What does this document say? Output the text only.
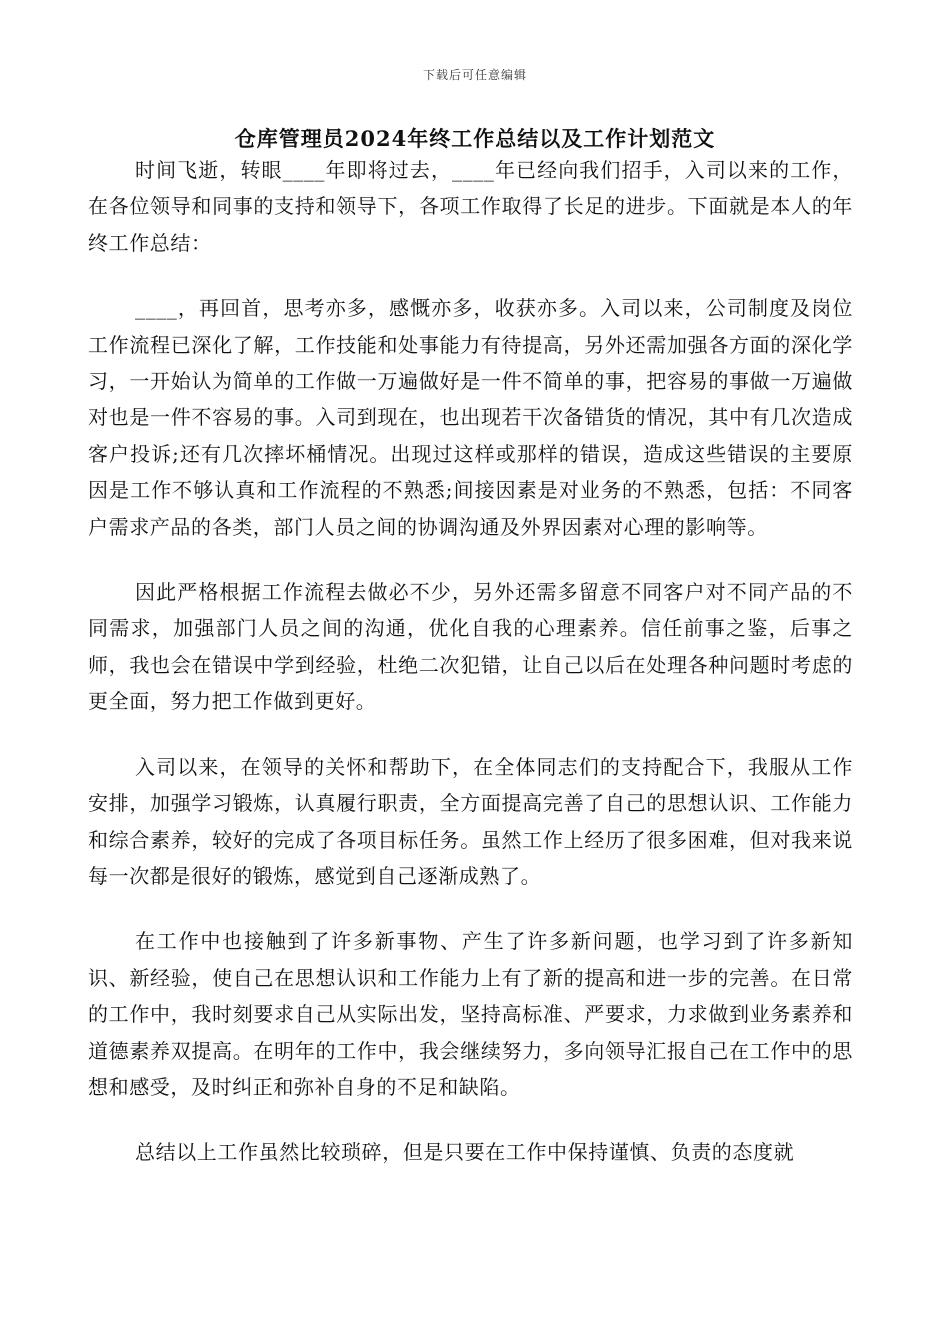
下载后可任意编辑
仓库管理员2024年终工作总结以及工作计划范文

时间飞逝，转眼____年即将过去，____年已经向我们招手，入司以来的工作，在各位领导和同事的支持和领导下，各项工作取得了长足的进步。下面就是本人的年终工作总结：

____，再回首，思考亦多，感慨亦多，收获亦多。入司以来，公司制度及岗位工作流程已深化了解，工作技能和处事能力有待提高，另外还需加强各方面的深化学习，一开始认为简单的工作做一万遍做好是一件不简单的事，把容易的事做一万遍做对也是一件不容易的事。入司到现在，也出现若干次备错货的情况，其中有几次造成客户投诉;还有几次摔坏桶情况。出现过这样或那样的错误，造成这些错误的主要原因是工作不够认真和工作流程的不熟悉;间接因素是对业务的不熟悉，包括：不同客户需求产品的各类，部门人员之间的协调沟通及外界因素对心理的影响等。

因此严格根据工作流程去做必不少，另外还需多留意不同客户对不同产品的不同需求，加强部门人员之间的沟通，优化自我的心理素养。信任前事之鉴，后事之师，我也会在错误中学到经验，杜绝二次犯错，让自己以后在处理各种问题时考虑的更全面，努力把工作做到更好。

入司以来，在领导的关怀和帮助下，在全体同志们的支持配合下，我服从工作安排，加强学习锻炼，认真履行职责，全方面提高完善了自己的思想认识、工作能力和综合素养，较好的完成了各项目标任务。虽然工作上经历了很多困难，但对我来说每一次都是很好的锻炼，感觉到自己逐渐成熟了。

在工作中也接触到了许多新事物、产生了许多新问题，也学习到了许多新知识、新经验，使自己在思想认识和工作能力上有了新的提高和进一步的完善。在日常的工作中，我时刻要求自己从实际出发，坚持高标准、严要求，力求做到业务素养和道德素养双提高。在明年的工作中，我会继续努力，多向领导汇报自己在工作中的思想和感受，及时纠正和弥补自身的不足和缺陷。

总结以上工作虽然比较琐碎，但是只要在工作中保持谨慎、负责的态度就
